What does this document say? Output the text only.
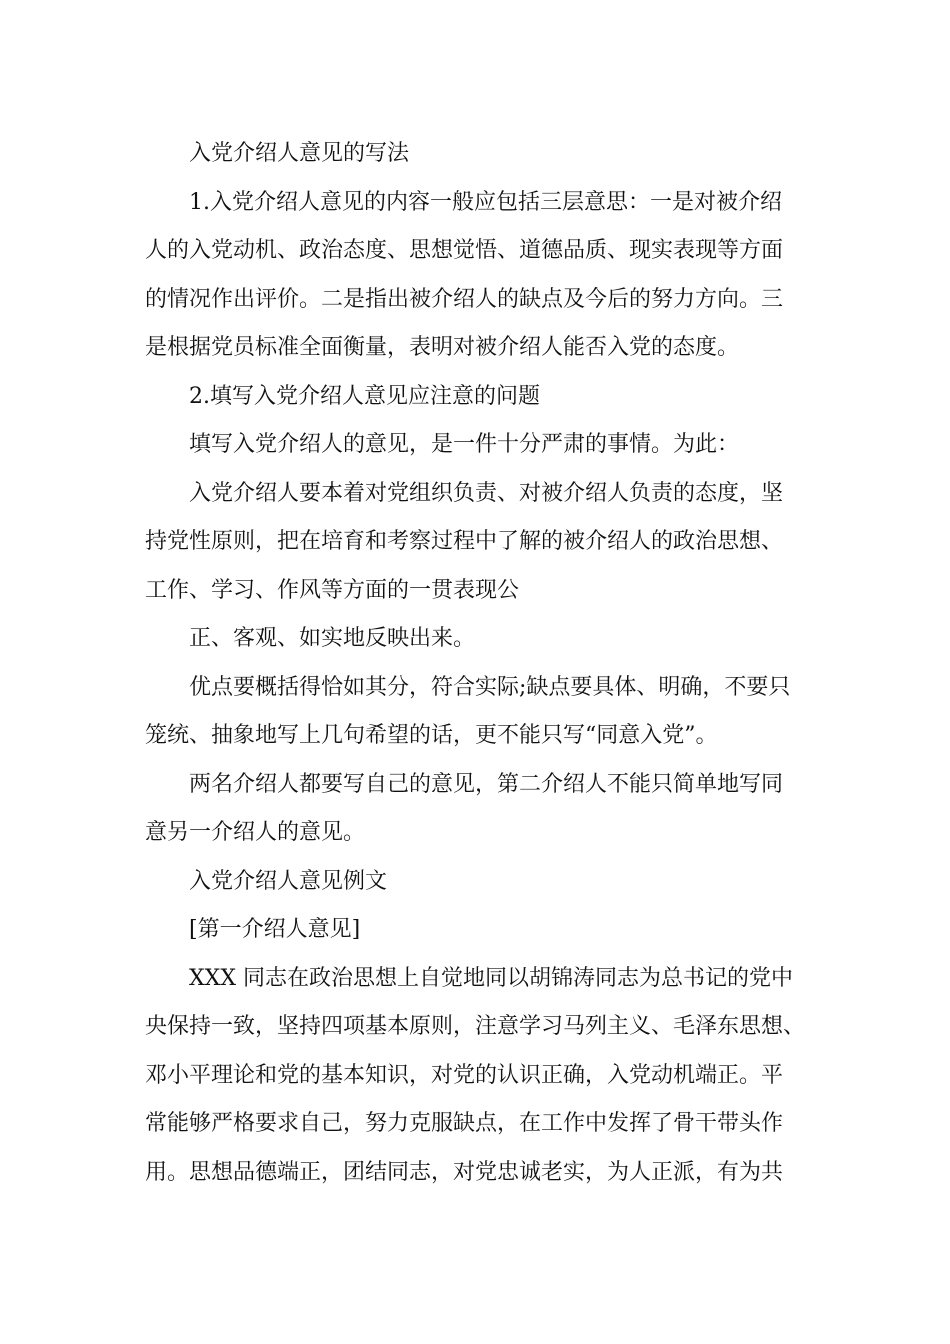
入党介绍人意见的写法

1.入党介绍人意见的内容一般应包括三层意思：一是对被介绍
人的入党动机、政治态度、思想觉悟、道德品质、现实表现等方面
的情况作出评价。二是指出被介绍人的缺点及今后的努力方向。三
是根据党员标准全面衡量，表明对被介绍人能否入党的态度。

2.填写入党介绍人意见应注意的问题

填写入党介绍人的意见，是一件十分严肃的事情。为此：

入党介绍人要本着对党组织负责、对被介绍人负责的态度，坚
持党性原则，把在培育和考察过程中了解的被介绍人的政治思想、
工作、学习、作风等方面的一贯表现公

正、客观、如实地反映出来。

优点要概括得恰如其分，符合实际;缺点要具体、明确，不要只
笼统、抽象地写上几句希望的话，更不能只写“同意入党”。

两名介绍人都要写自己的意见，第二介绍人不能只简单地写同
意另一介绍人的意见。

入党介绍人意见例文

[第一介绍人意见]

XXX 同志在政治思想上自觉地同以胡锦涛同志为总书记的党中
央保持一致，坚持四项基本原则，注意学习马列主义、毛泽东思想、
邓小平理论和党的基本知识，对党的认识正确，入党动机端正。平
常能够严格要求自己，努力克服缺点，在工作中发挥了骨干带头作
用。思想品德端正，团结同志，对党忠诚老实，为人正派，有为共
